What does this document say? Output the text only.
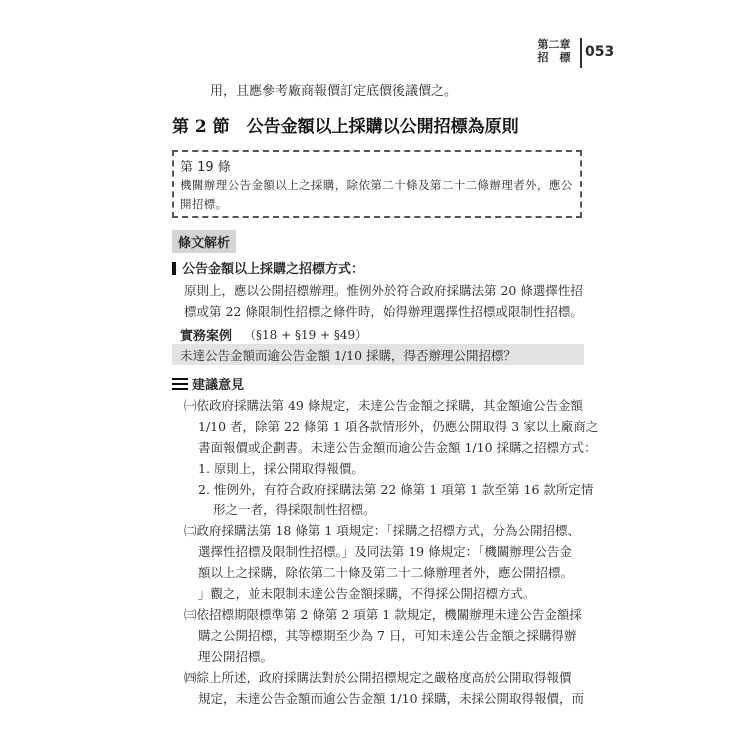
第二章
招　標	053
用，且應參考廠商報價訂定底價後議價之。
第 2 節　公告金額以上採購以公開招標為原則
第 19 條
機關辦理公告金額以上之採購，除依第二十條及第二十二條辦理者外，應公開招標。
條文解析
公告金額以上採購之招標方式：
原則上，應以公開招標辦理。惟例外於符合政府採購法第 20 條選擇性招
標或第 22 條限制性招標之條件時，始得辦理選擇性招標或限制性招標。
實務案例 （§18 + §19 + §49）
未達公告金額而逾公告金額 1/10 採購，得否辦理公開招標？
建議意見
㈠依政府採購法第 49 條規定，未達公告金額之採購，其金額逾公告金額
1/10 者，除第 22 條第 1 項各款情形外，仍應公開取得 3 家以上廠商之
書面報價或企劃書。未達公告金額而逾公告金額 1/10 採購之招標方式：
1. 原則上，採公開取得報價。
2. 惟例外，有符合政府採購法第 22 條第 1 項第 1 款至第 16 款所定情
形之一者，得採限制性招標。
㈡政府採購法第 18 條第 1 項規定：「採購之招標方式，分為公開招標、
選擇性招標及限制性招標。」及同法第 19 條規定：「機關辦理公告金
額以上之採購，除依第二十條及第二十二條辦理者外，應公開招標。
」觀之，並未限制未達公告金額採購，不得採公開招標方式。
㈢依招標期限標準第 2 條第 2 項第 1 款規定，機關辦理未達公告金額採
購之公開招標，其等標期至少為 7 日，可知未達公告金額之採購得辦
理公開招標。
㈣綜上所述，政府採購法對於公開招標規定之嚴格度高於公開取得報價
規定，未達公告金額而逾公告金額 1/10 採購，未採公開取得報價，而
